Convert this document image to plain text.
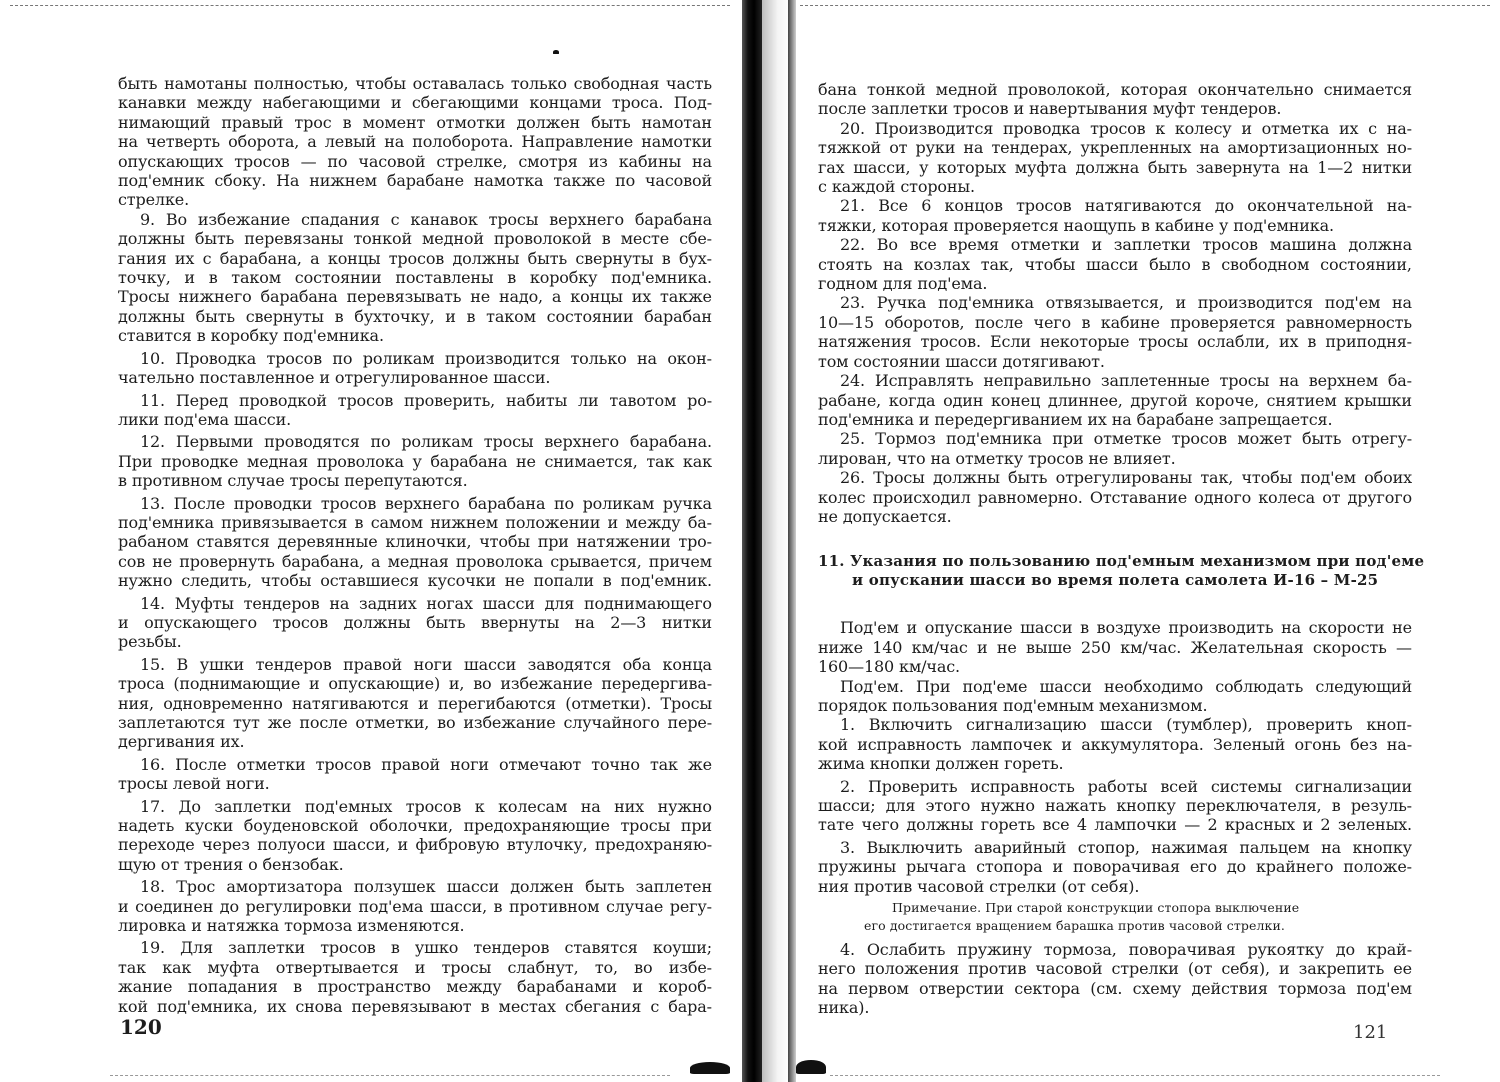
быть намотаны полностью, чтобы оставалась только свободная часть
канавки между набегающими и сбегающими концами троса. Под-
нимающий правый трос в момент отмотки должен быть намотан
на четверть оборота, а левый на полоборота. Направление намотки
опускающих тросов — по часовой стрелке, смотря из кабины на
под'емник сбоку. На нижнем барабане намотка также по часовой
стрелке.
9. Во избежание спадания с канавок тросы верхнего барабана
должны быть перевязаны тонкой медной проволокой в месте сбе-
гания их с барабана, а концы тросов должны быть свернуты в бух-
точку, и в таком состоянии поставлены в коробку под'емника.
Тросы нижнего барабана перевязывать не надо, а концы их также
должны быть свернуты в бухточку, и в таком состоянии барабан
ставится в коробку под'емника.
10. Проводка тросов по роликам производится только на окон-
чательно поставленное и отрегулированное шасси.
11. Перед проводкой тросов проверить, набиты ли тавотом ро-
лики под'ема шасси.
12. Первыми проводятся по роликам тросы верхнего барабана.
При проводке медная проволока у барабана не снимается, так как
в противном случае тросы перепутаются.
13. После проводки тросов верхнего барабана по роликам ручка
под'емника привязывается в самом нижнем положении и между ба-
рабаном ставятся деревянные клиночки, чтобы при натяжении тро-
сов не провернуть барабана, а медная проволока срывается, причем
нужно следить, чтобы оставшиеся кусочки не попали в под'емник.
14. Муфты тендеров на задних ногах шасси для поднимающего
и опускающего тросов должны быть ввернуты на 2—3 нитки
резьбы.
15. В ушки тендеров правой ноги шасси заводятся оба конца
троса (поднимающие и опускающие) и, во избежание передергива-
ния, одновременно натягиваются и перегибаются (отметки). Тросы
заплетаются тут же после отметки, во избежание случайного пере-
дергивания их.
16. После отметки тросов правой ноги отмечают точно так же
тросы левой ноги.
17. До заплетки под'емных тросов к колесам на них нужно
надеть куски боуденовской оболочки, предохраняющие тросы при
переходе через полуоси шасси, и фибровую втулочку, предохраняю-
щую от трения о бензобак.
18. Трос амортизатора ползушек шасси должен быть заплетен
и соединен до регулировки под'ема шасси, в противном случае регу-
лировка и натяжка тормоза изменяются.
19. Для заплетки тросов в ушко тендеров ставятся коуши;
так как муфта отвертывается и тросы слабнут, то, во избе-
жание попадания в пространство между барабанами и короб-
кой под'емника, их снова перевязывают в местах сбегания с бара-
120
бана тонкой медной проволокой, которая окончательно снимается
после заплетки тросов и навертывания муфт тендеров.
20. Производится проводка тросов к колесу и отметка их с на-
тяжкой от руки на тендерах, укрепленных на амортизационных но-
гах шасси, у которых муфта должна быть завернута на 1—2 нитки
с каждой стороны.
21. Все 6 концов тросов натягиваются до окончательной на-
тяжки, которая проверяется наощупь в кабине у под'емника.
22. Во все время отметки и заплетки тросов машина должна
стоять на козлах так, чтобы шасси было в свободном состоянии,
годном для под'ема.
23. Ручка под'емника отвязывается, и производится под'ем на
10—15 оборотов, после чего в кабине проверяется равномерность
натяжения тросов. Если некоторые тросы ослабли, их в приподня-
том состоянии шасси дотягивают.
24. Исправлять неправильно заплетенные тросы на верхнем ба-
рабане, когда один конец длиннее, другой короче, снятием крышки
под'емника и передергиванием их на барабане запрещается.
25. Тормоз под'емника при отметке тросов может быть отрегу-
лирован, что на отметку тросов не влияет.
26. Тросы должны быть отрегулированы так, чтобы под'ем обоих
колес происходил равномерно. Отставание одного колеса от другого
не допускается.
11. Указания по пользованию под'емным механизмом при под'еме
и опускании шасси во время полета самолета И-16 – М-25
Под'ем и опускание шасси в воздухе производить на скорости не
ниже 140 км/час и не выше 250 км/час. Желательная скорость —
160—180 км/час.
Под'ем. При под'еме шасси необходимо соблюдать следующий
порядок пользования под'емным механизмом.
1. Включить сигнализацию шасси (тумблер), проверить кноп-
кой исправность лампочек и аккумулятора. Зеленый огонь без на-
жима кнопки должен гореть.
2. Проверить исправность работы всей системы сигнализации
шасси; для этого нужно нажать кнопку переключателя, в резуль-
тате чего должны гореть все 4 лампочки — 2 красных и 2 зеленых.
3. Выключить аварийный стопор, нажимая пальцем на кнопку
пружины рычага стопора и поворачивая его до крайнего положе-
ния против часовой стрелки (от себя).
Примечание. При старой конструкции стопора выключение
его достигается вращением барашка против часовой стрелки.
4. Ослабить пружину тормоза, поворачивая рукоятку до край-
него положения против часовой стрелки (от себя), и закрепить ее
на первом отверстии сектора (см. схему действия тормоза под'ем
ника).
121
